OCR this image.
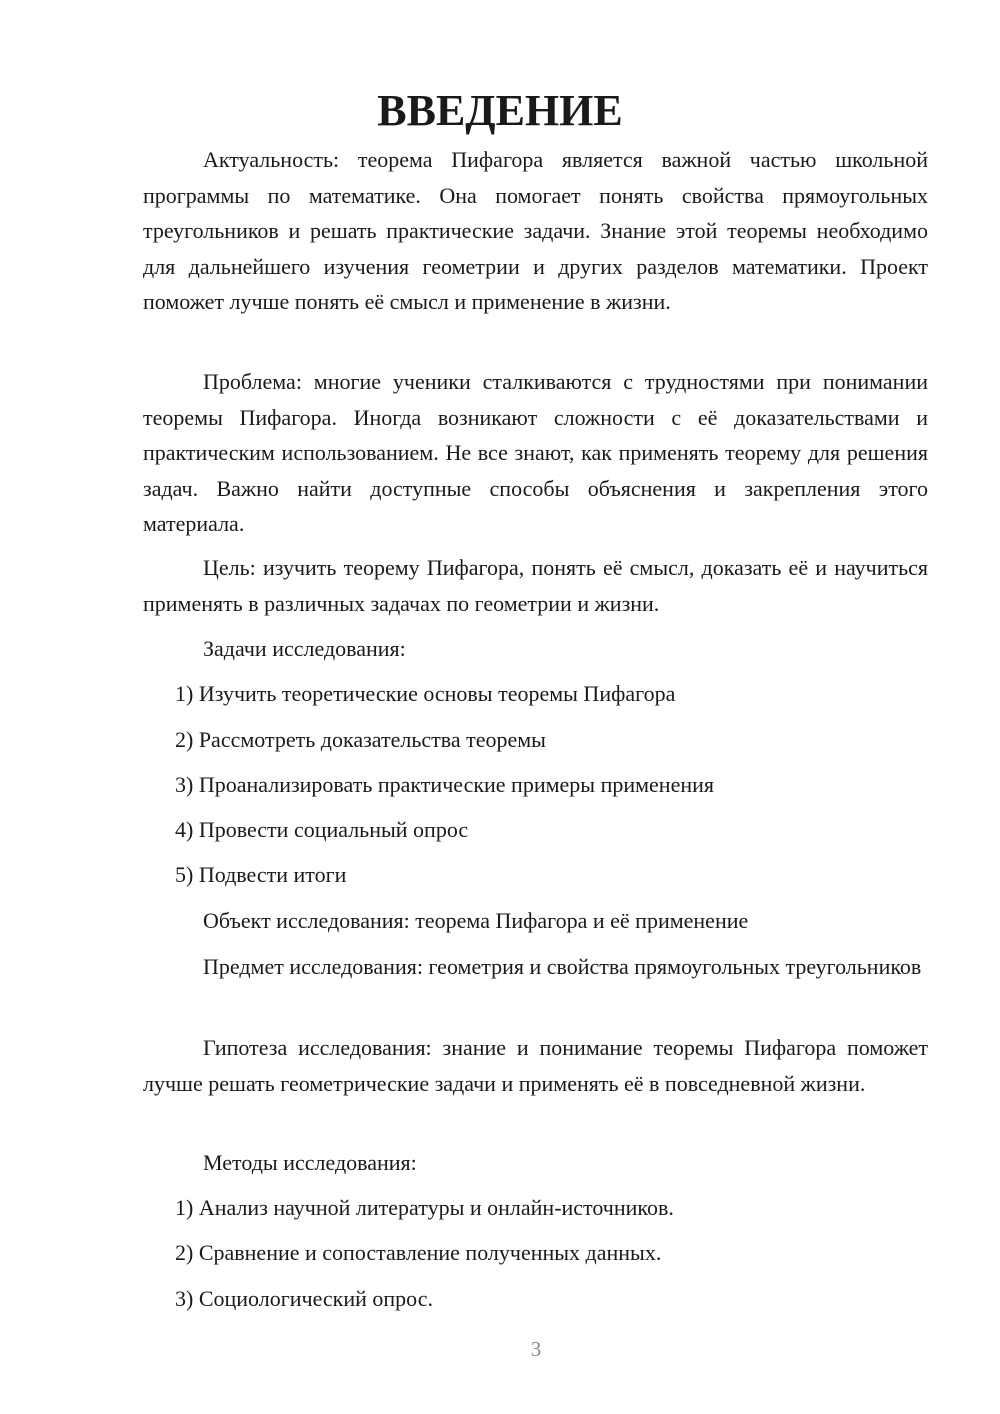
ВВЕДЕНИЕ

Актуальность: теорема Пифагора является важной частью школьной программы по математике. Она помогает понять свойства прямоугольных треугольников и решать практические задачи. Знание этой теоремы необходимо для дальнейшего изучения геометрии и других разделов математики. Проект поможет лучше понять её смысл и применение в жизни.

Проблема: многие ученики сталкиваются с трудностями при понимании теоремы Пифагора. Иногда возникают сложности с её доказательствами и практическим использованием. Не все знают, как применять теорему для решения задач. Важно найти доступные способы объяснения и закрепления этого материала.

Цель: изучить теорему Пифагора, понять её смысл, доказать её и научиться применять в различных задачах по геометрии и жизни.

Задачи исследования:

1) Изучить теоретические основы теоремы Пифагора

2) Рассмотреть доказательства теоремы

3) Проанализировать практические примеры применения

4) Провести социальный опрос

5) Подвести итоги

Объект исследования: теорема Пифагора и её применение

Предмет исследования: геометрия и свойства прямоугольных треугольников

Гипотеза исследования: знание и понимание теоремы Пифагора поможет лучше решать геометрические задачи и применять её в повседневной жизни.

Методы исследования:

1) Анализ научной литературы и онлайн-источников.

2) Сравнение и сопоставление полученных данных.

3) Социологический опрос.

3
